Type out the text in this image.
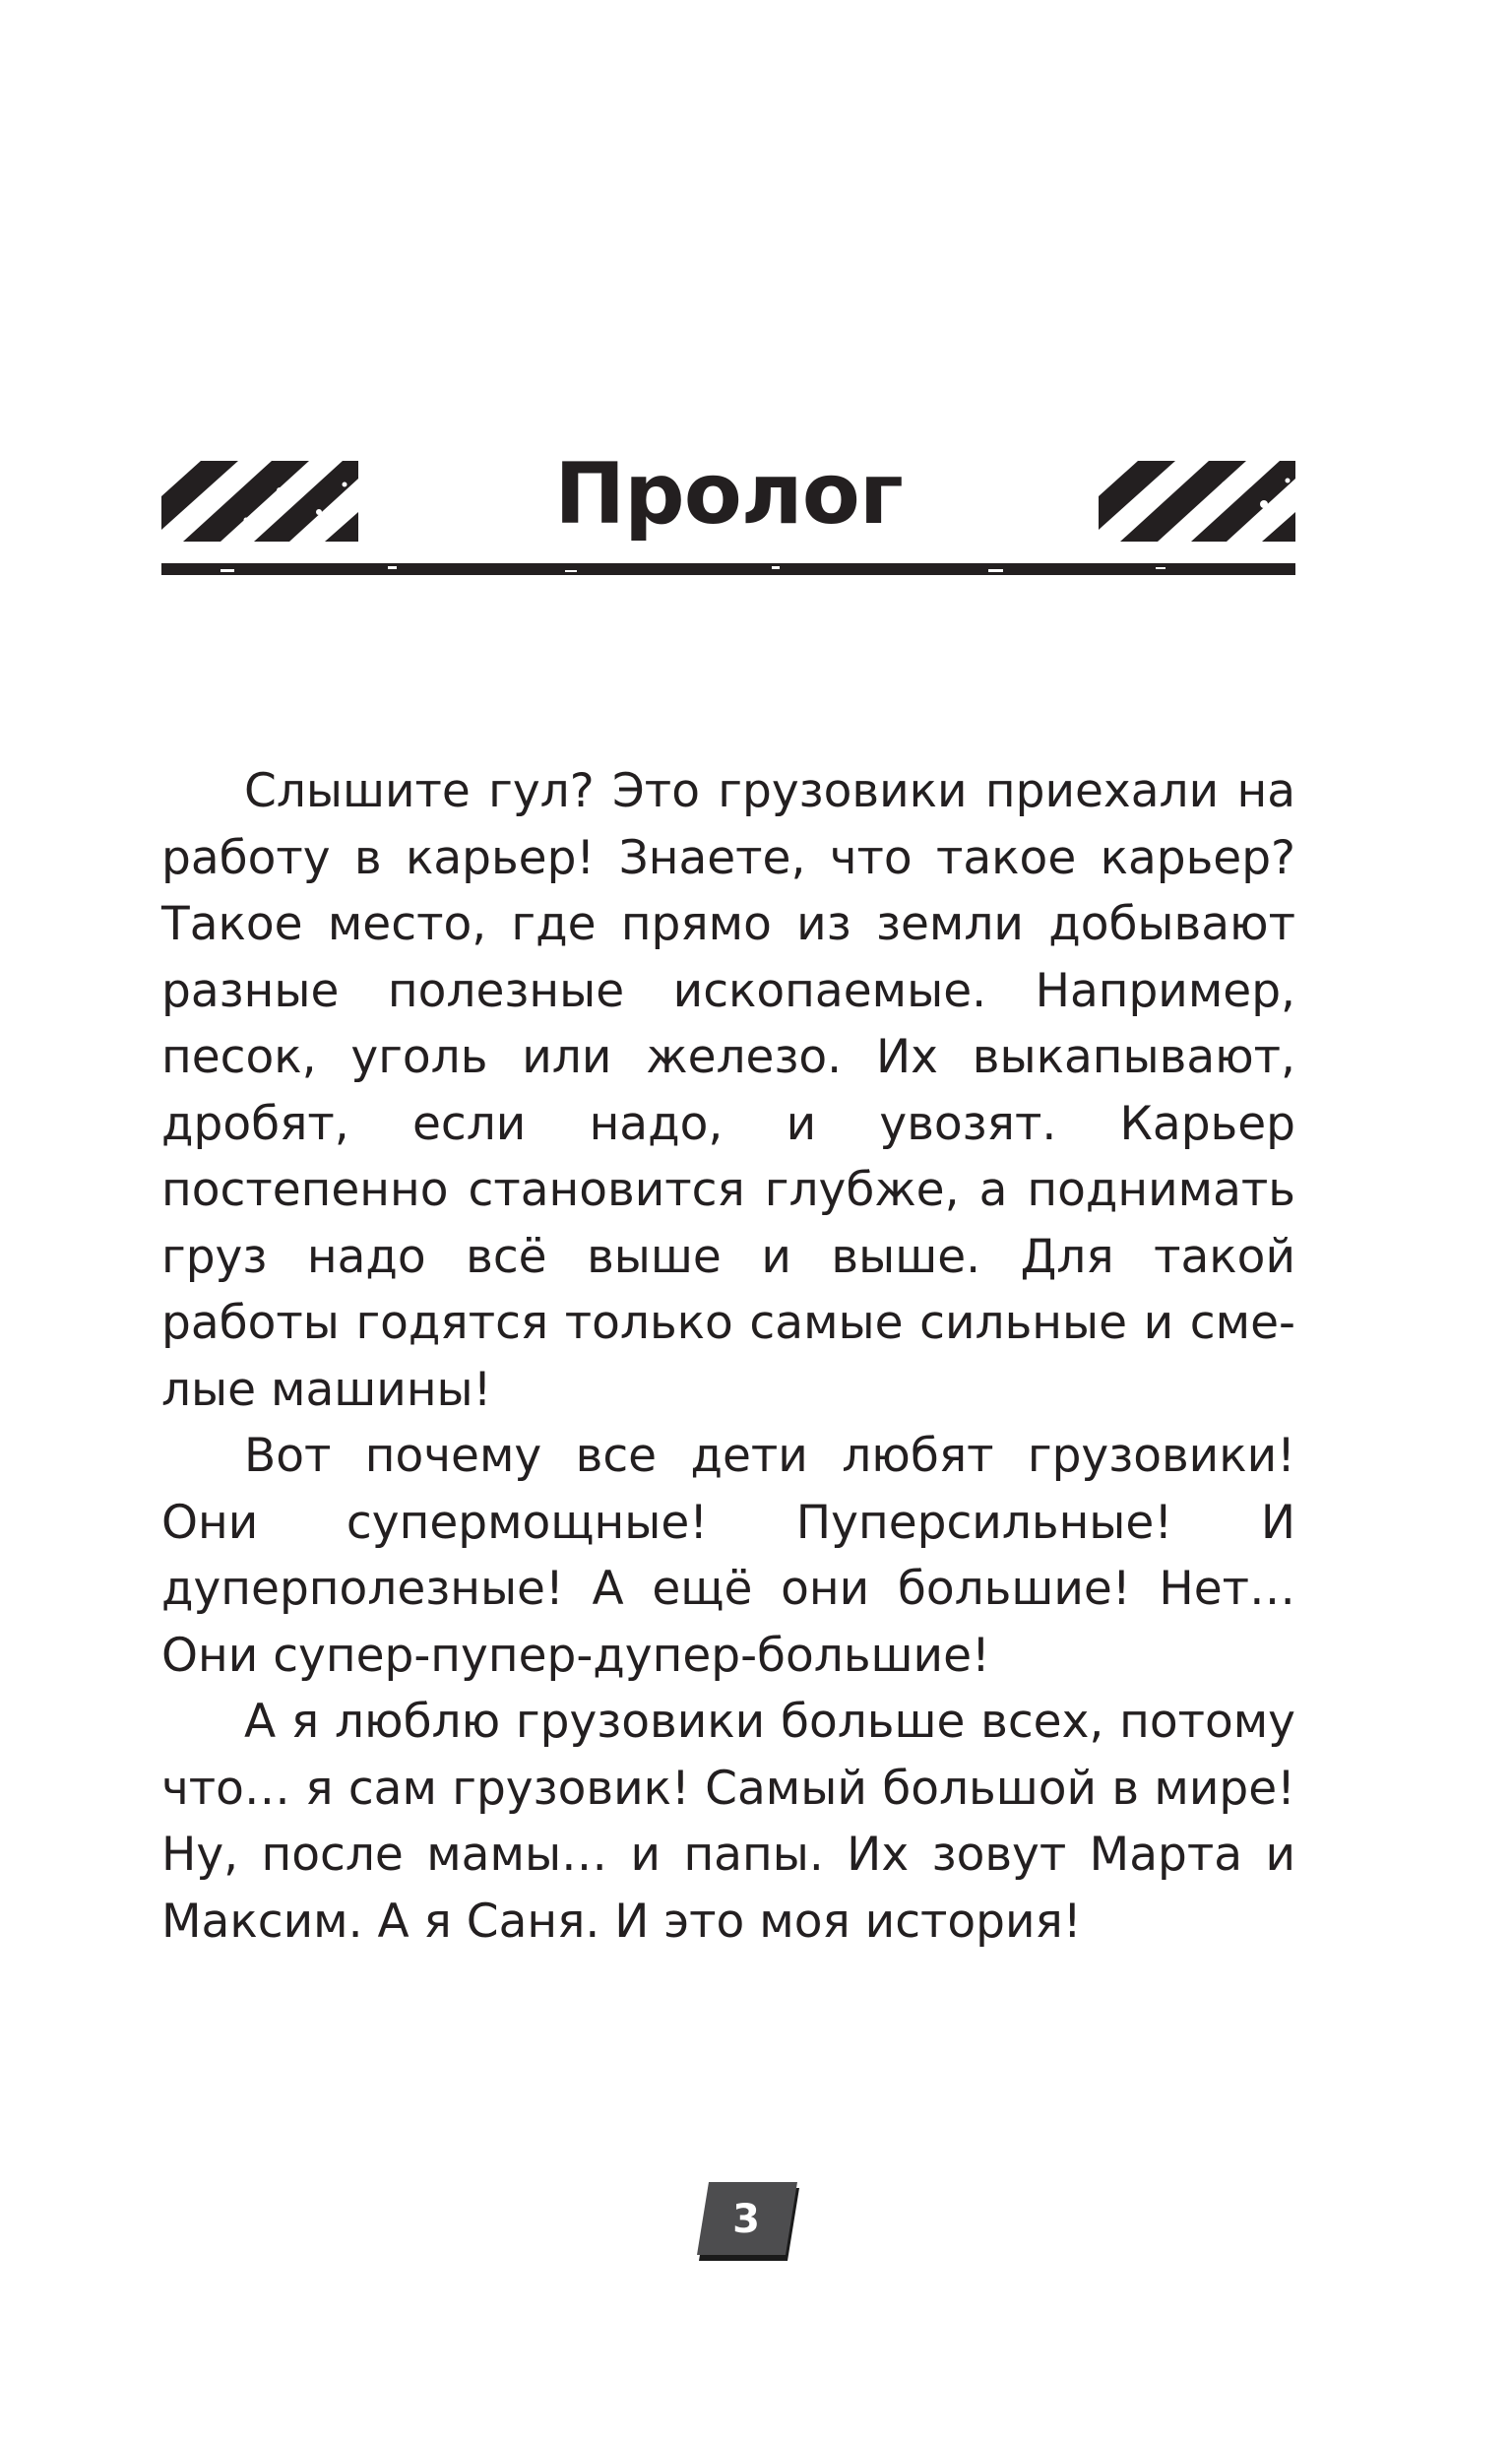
Пролог

Слышите гул? Это грузовики приехали на работу в карьер! Знаете, что такое карьер? Такое место, где прямо из земли добывают разные полезные ископаемые. Например, песок, уголь или железо. Их выкапывают, дробят, если надо, и увозят. Карьер постепенно становится глубже, а поднимать груз надо всё выше и выше. Для такой работы годятся только самые сильные и смелые машины!

Вот почему все дети любят грузовики! Они супермощные! Пуперсильные! И дуперполезные! А ещё они большие! Нет… Они супер-пупер-дупер-большие!

А я люблю грузовики больше всех, потому что… я сам грузовик! Самый большой в мире! Ну, после мамы… и папы. Их зовут Марта и Максим. А я Саня. И это моя история!

3
